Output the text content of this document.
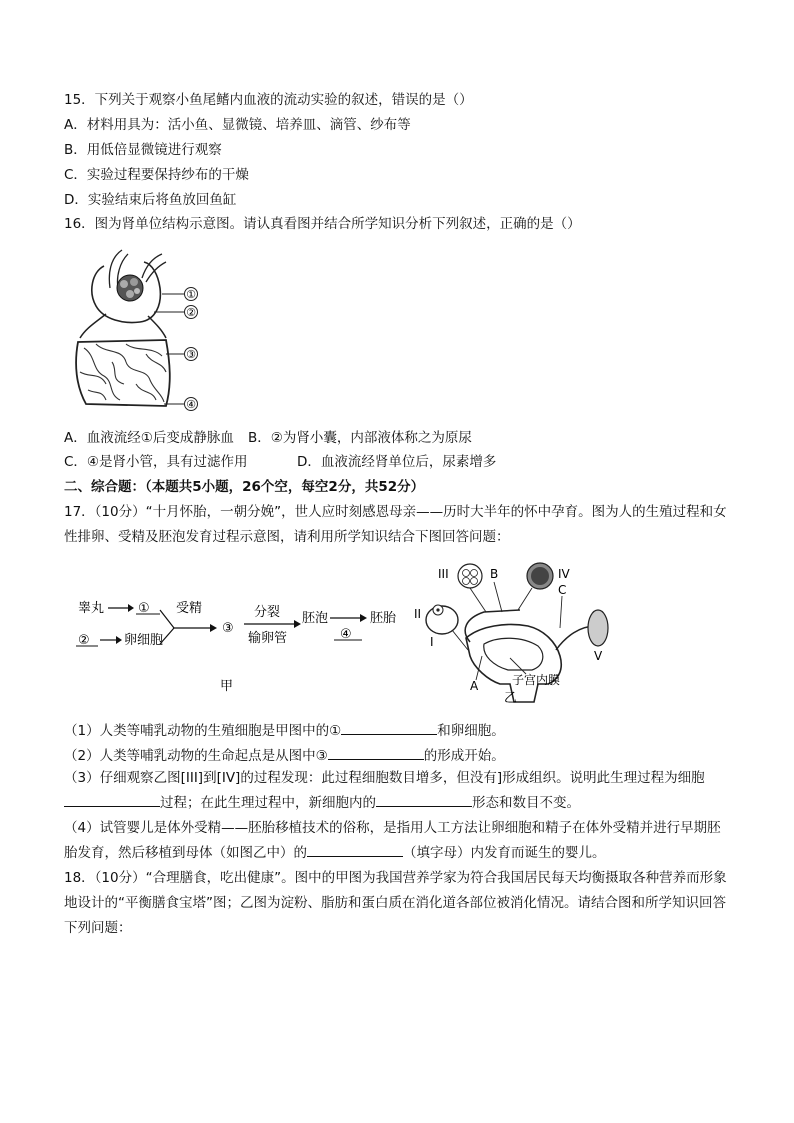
15．下列关于观察小鱼尾鳍内血液的流动实验的叙述，错误的是（）
A．材料用具为：活小鱼、显微镜、培养皿、滴管、纱布等
B．用低倍显微镜进行观察
C．实验过程要保持纱布的干燥
D．实验结束后将鱼放回鱼缸
16．图为肾单位结构示意图。请认真看图并结合所学知识分析下列叙述，正确的是（）
①
②
③
④
A．血液流经①后变成静脉血 B．②为肾小囊，内部液体称之为原尿
C．④是肾小管，具有过滤作用	D．血液流经肾单位后，尿素增多
二、综合题：（本题共5小题，26个空，每空2分，共52分）
17．（10分）“十月怀胎，一朝分娩”，世人应时刻感恩母亲——历时大半年的怀中孕育。图为人的生殖过程和女性排卵、受精及胚泡发育过程示意图，请利用所学知识结合下图回答问题：
睾丸	①
②	卵细胞
受精
③
分裂
输卵管
胚泡
④
胚胎
甲
III	B	IV
II
C
I
V
子宫内膜
A
乙
（1）人类等哺乳动物的生殖细胞是甲图中的①	和卵细胞。
（2）人类等哺乳动物的生命起点是从图中③	的形成开始。
（3）仔细观察乙图[III]到[IV]的过程发现：此过程细胞数目增多，但没有]形成组织。说明此生理过程为细胞过程；在此生理过程中，新细胞内的	形态和数目不变。
（4）试管婴儿是体外受精——胚胎移植技术的俗称，是指用人工方法让卵细胞和精子在体外受精并进行早期胚胎发育，然后移植到母体（如图乙中）的	（填字母）内发育而诞生的婴儿。
18．（10分）“合理膳食，吃出健康”。图中的甲图为我国营养学家为符合我国居民每天均衡摄取各种营养而形象地设计的“平衡膳食宝塔”图；乙图为淀粉、脂肪和蛋白质在消化道各部位被消化情况。请结合图和所学知识回答下列问题：
